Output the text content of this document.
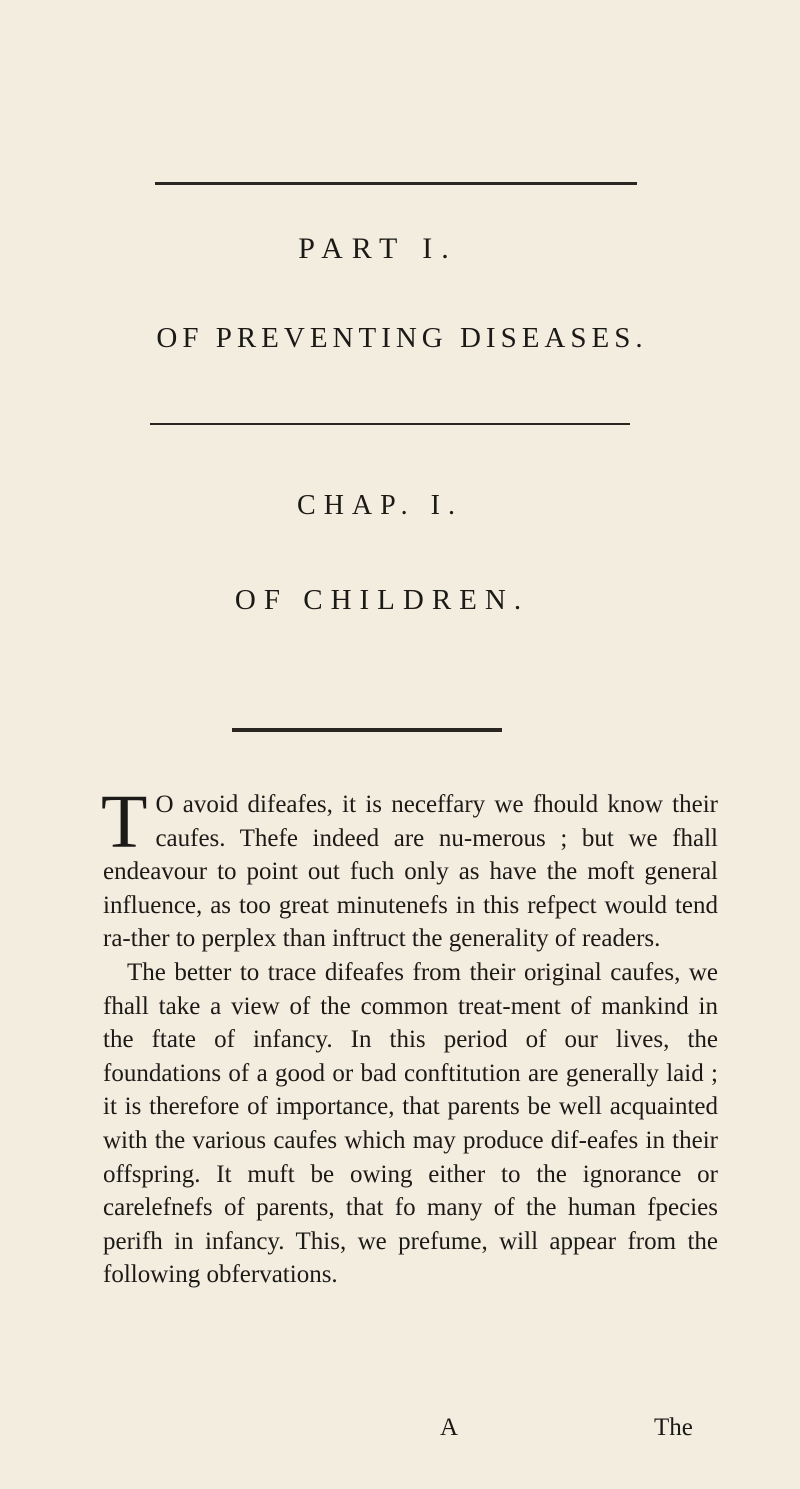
PART I.
OF PREVENTING DISEASES.
CHAP. I.
OF CHILDREN.

T O avoid difeafes, it is neceffary we fhould know their caufes. Thefe indeed are nu-merous ; but we fhall endeavour to point out fuch only as have the moft general influence, as too great minutenefs in this refpect would tend ra-ther to perplex than inftruct the generality of readers.

The better to trace difeafes from their original caufes, we fhall take a view of the common treat-ment of mankind in the ftate of infancy. In this period of our lives, the foundations of a good or bad conftitution are generally laid ; it is therefore of importance, that parents be well acquainted with the various caufes which may produce dif-eafes in their offspring. It muft be owing either to the ignorance or carelefnefs of parents, that fo many of the human fpecies perifh in infancy. This, we prefume, will appear from the following obfervations.

A	The
